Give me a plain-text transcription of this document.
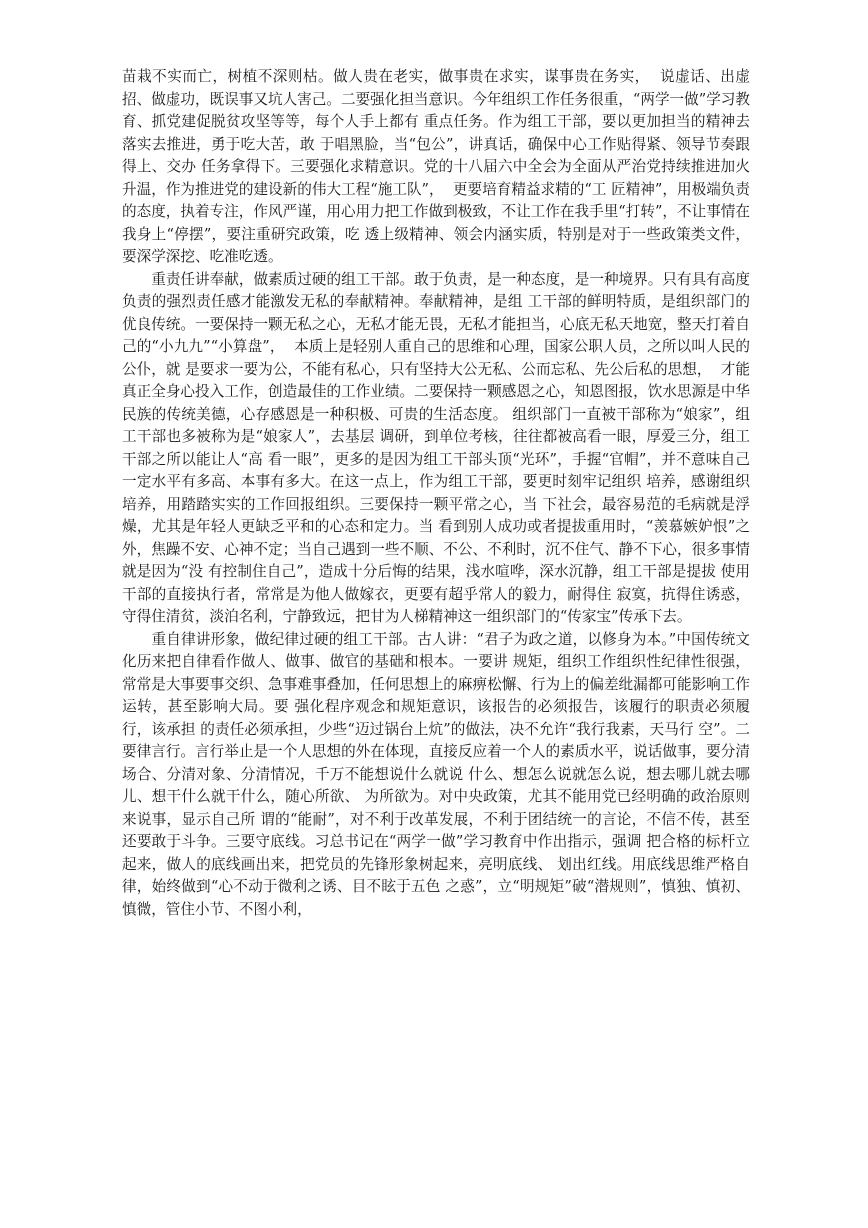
苗栽不实而亡，树植不深则枯。做人贵在老实，做事贵在求实，谋事贵在务实，  说虚话、出虚招、做虚功，既误事又坑人害己。二要强化担当意识。今年组织工作任务很重，“两学一做”学习教育、抓党建促脱贫攻坚等等，每个人手上都有 重点任务。作为组工干部，要以更加担当的精神去落实去推进，勇于吃大苦，敢 于唱黑脸，当“包公”，讲真话，确保中心工作贴得紧、领导节奏跟得上、交办 任务拿得下。三要强化求精意识。党的十八届六中全会为全面从严治党持续推进加火升温，作为推进党的建设新的伟大工程“施工队”，  更要培育精益求精的“工 匠精神”，用极端负责的态度，执着专注，作风严谨，用心用力把工作做到极致，不让工作在我手里“打转”，不让事情在我身上“停摆”，要注重研究政策，吃 透上级精神、领会内涵实质，特别是对于一些政策类文件，要深学深挖、吃准吃透。

　　重责任讲奉献，做素质过硬的组工干部。敢于负责，是一种态度，是一种境界。只有具有高度负责的强烈责任感才能激发无私的奉献精神。奉献精神，是组 工干部的鲜明特质，是组织部门的优良传统。一要保持一颗无私之心，无私才能无畏，无私才能担当，心底无私天地宽，整天打着自己的“小九九”“小算盘”，  本质上是轻别人重自己的思维和心理，国家公职人员，之所以叫人民的公仆，就 是要求一要为公，不能有私心，只有坚持大公无私、公而忘私、先公后私的思想，  才能真正全身心投入工作，创造最佳的工作业绩。二要保持一颗感恩之心，知恩图报，饮水思源是中华民族的传统美德，心存感恩是一种积极、可贵的生活态度。 组织部门一直被干部称为“娘家”，组工干部也多被称为是“娘家人”，去基层 调研，到单位考核，往往都被高看一眼，厚爱三分，组工干部之所以能让人“高 看一眼”，更多的是因为组工干部头顶“光环”，手握“官帽”，并不意味自己一定水平有多高、本事有多大。在这一点上，作为组工干部，要更时刻牢记组织 培养，感谢组织培养，用踏踏实实的工作回报组织。三要保持一颗平常之心，当 下社会，最容易范的毛病就是浮燥，尤其是年轻人更缺乏平和的心态和定力。当 看到别人成功或者提拔重用时，“羡慕嫉妒恨”之外，焦躁不安、心神不定；当自己遇到一些不顺、不公、不利时，沉不住气、静不下心，很多事情就是因为“没 有控制住自己”，造成十分后悔的结果，浅水喧哗，深水沉静，组工干部是提拔 使用干部的直接执行者，常常是为他人做嫁衣，更要有超乎常人的毅力，耐得住 寂寞，抗得住诱惑，守得住清贫，淡泊名利，宁静致远，把甘为人梯精神这一组织部门的“传家宝”传承下去。

　　重自律讲形象，做纪律过硬的组工干部。古人讲：“君子为政之道，以修身为本。”中国传统文化历来把自律看作做人、做事、做官的基础和根本。一要讲 规矩，组织工作组织性纪律性很强，常常是大事要事交织、急事难事叠加，任何思想上的麻痹松懈、行为上的偏差纰漏都可能影响工作运转，甚至影响大局。要 强化程序观念和规矩意识，该报告的必须报告，该履行的职责必须履行，该承担 的责任必须承担，少些“迈过锅台上炕”的做法，决不允许“我行我素，天马行 空”。二要律言行。言行举止是一个人思想的外在体现，直接反应着一个人的素质水平，说话做事，要分清场合、分清对象、分清情况，千万不能想说什么就说 什么、想怎么说就怎么说，想去哪儿就去哪儿、想干什么就干什么，随心所欲、 为所欲为。对中央政策，尤其不能用党已经明确的政治原则来说事，显示自己所 谓的“能耐”，对不利于改革发展，不利于团结统一的言论，不信不传，甚至还要敢于斗争。三要守底线。习总书记在“两学一做”学习教育中作出指示，强调 把合格的标杆立起来，做人的底线画出来，把党员的先锋形象树起来，亮明底线、 划出红线。用底线思维严格自律，始终做到“心不动于微利之诱、目不眩于五色 之惑”，立“明规矩”破“潜规则”，慎独、慎初、慎微，管住小节、不图小利，
